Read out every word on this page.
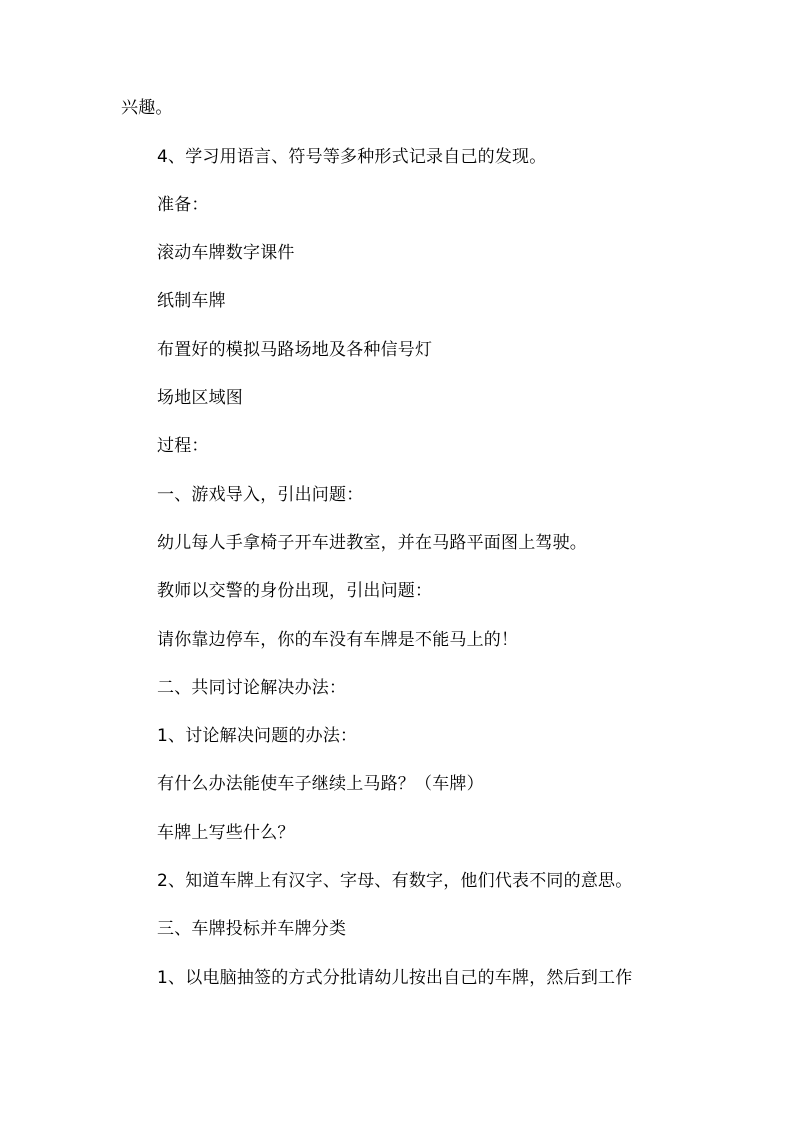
兴趣。

4、学习用语言、符号等多种形式记录自己的发现。

准备：

滚动车牌数字课件

纸制车牌

布置好的模拟马路场地及各种信号灯

场地区域图

过程：

一、游戏导入，引出问题：

幼儿每人手拿椅子开车进教室，并在马路平面图上驾驶。

教师以交警的身份出现，引出问题：

请你靠边停车，你的车没有车牌是不能马上的！

二、共同讨论解决办法：

1、讨论解决问题的办法：

有什么办法能使车子继续上马路？（车牌）

车牌上写些什么？

2、知道车牌上有汉字、字母、有数字，他们代表不同的意思。

三、车牌投标并车牌分类

1、以电脑抽签的方式分批请幼儿按出自己的车牌，然后到工作
